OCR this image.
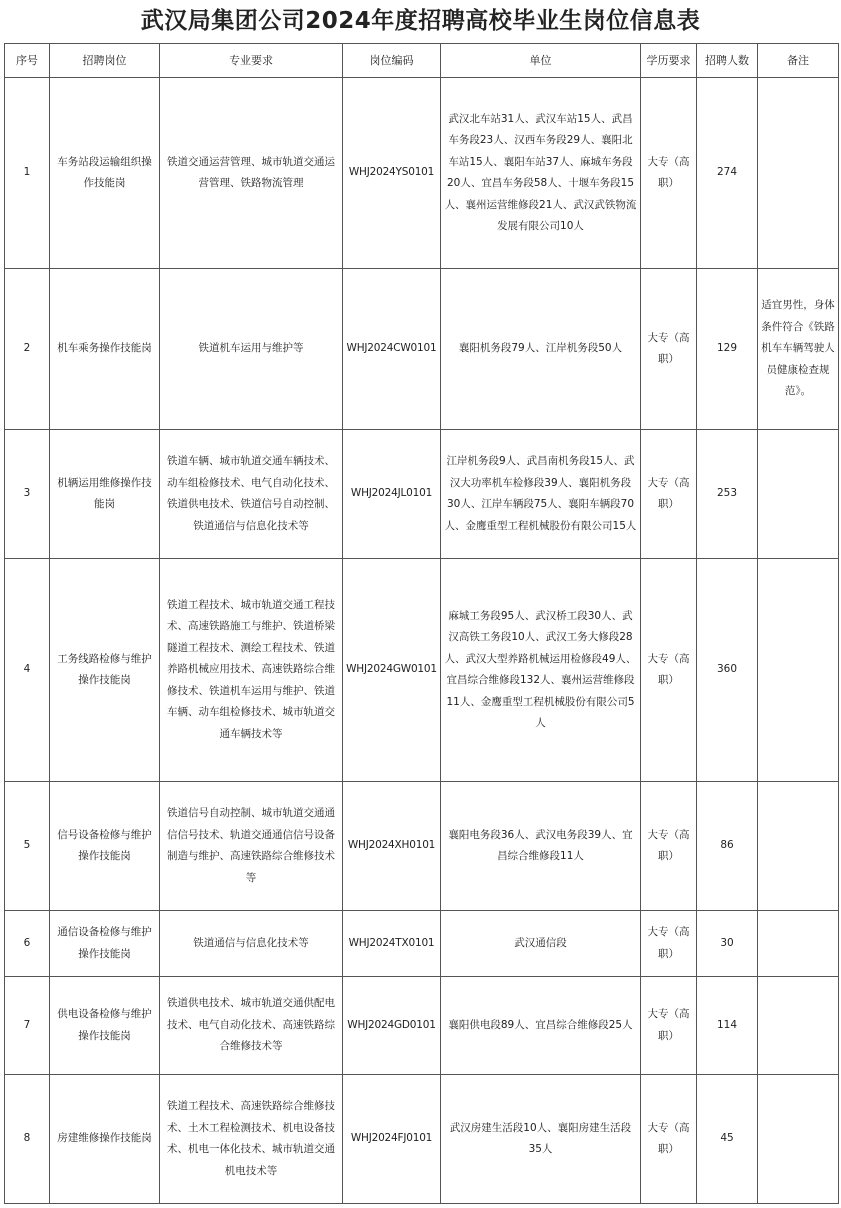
武汉局集团公司2024年度招聘高校毕业生岗位信息表
序号	招聘岗位	专业要求	岗位编码	单位	学历要求	招聘人数	备注
1	车务站段运输组织操作技能岗	铁道交通运营管理、城市轨道交通运营管理、铁路物流管理	WHJ2024YS0101	武汉北车站31人、武汉车站15人、武昌车务段23人、汉西车务段29人、襄阳北车站15人、襄阳车站37人、麻城车务段20人、宜昌车务段58人、十堰车务段15人、襄州运营维修段21人、武汉武铁物流发展有限公司10人	大专（高职）	274	
2	机车乘务操作技能岗	铁道机车运用与维护等	WHJ2024CW0101	襄阳机务段79人、江岸机务段50人	大专（高职）	129	适宜男性，身体条件符合《铁路机车车辆驾驶人员健康检查规范》。
3	机辆运用维修操作技能岗	铁道车辆、城市轨道交通车辆技术、动车组检修技术、电气自动化技术、铁道供电技术、铁道信号自动控制、铁道通信与信息化技术等	WHJ2024JL0101	江岸机务段9人、武昌南机务段15人、武汉大功率机车检修段39人、襄阳机务段30人、江岸车辆段75人、襄阳车辆段70人、金鹰重型工程机械股份有限公司15人	大专（高职）	253	
4	工务线路检修与维护操作技能岗	铁道工程技术、城市轨道交通工程技术、高速铁路施工与维护、铁道桥梁隧道工程技术、测绘工程技术、铁道养路机械应用技术、高速铁路综合维修技术、铁道机车运用与维护、铁道车辆、动车组检修技术、城市轨道交通车辆技术等	WHJ2024GW0101	麻城工务段95人、武汉桥工段30人、武汉高铁工务段10人、武汉工务大修段28人、武汉大型养路机械运用检修段49人、宜昌综合维修段132人、襄州运营维修段11人、金鹰重型工程机械股份有限公司5人	大专（高职）	360	
5	信号设备检修与维护操作技能岗	铁道信号自动控制、城市轨道交通通信信号技术、轨道交通通信信号设备制造与维护、高速铁路综合维修技术等	WHJ2024XH0101	襄阳电务段36人、武汉电务段39人、宜昌综合维修段11人	大专（高职）	86	
6	通信设备检修与维护操作技能岗	铁道通信与信息化技术等	WHJ2024TX0101	武汉通信段	大专（高职）	30	
7	供电设备检修与维护操作技能岗	铁道供电技术、城市轨道交通供配电技术、电气自动化技术、高速铁路综合维修技术等	WHJ2024GD0101	襄阳供电段89人、宜昌综合维修段25人	大专（高职）	114	
8	房建维修操作技能岗	铁道工程技术、高速铁路综合维修技术、土木工程检测技术、机电设备技术、机电一体化技术、城市轨道交通机电技术等	WHJ2024FJ0101	武汉房建生活段10人、襄阳房建生活段35人	大专（高职）	45	
